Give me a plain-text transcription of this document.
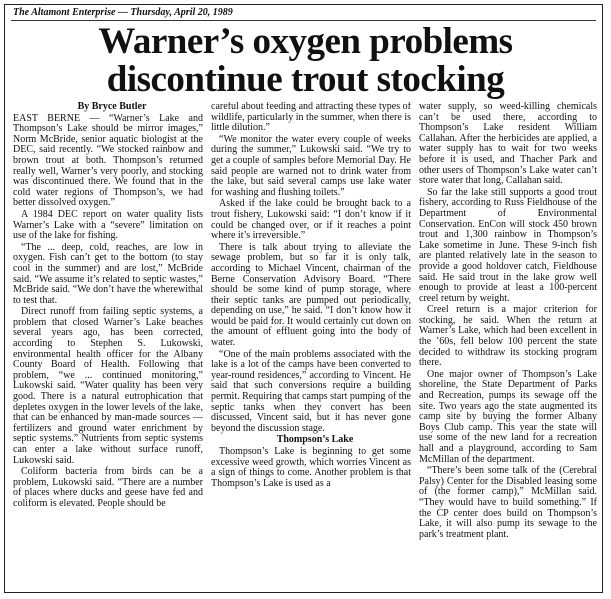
The Altamont Enterprise — Thursday, April 20, 1989
Warner’s oxygen problems discontinue trout stocking

By Bryce Butler

EAST BERNE — “Warner’s Lake and Thompson’s Lake should be mirror images,” Norm McBride, senior aquatic biologist at the DEC, said recently. “We stocked rainbow and brown trout at both. Thompson’s returned really well, Warner’s very poorly, and stocking was discontinued there. We found that in the cold water regions of Thompson’s, we had better dissolved oxygen.”

A 1984 DEC report on water quality lists Warner’s Lake with a “severe” limitation on use of the lake for fishing.

“The ... deep, cold, reaches, are low in oxygen. Fish can’t get to the bottom (to stay cool in the summer) and are lost,” McBride said. “We assume it’s related to septic wastes,” McBride said. “We don’t have the wherewithal to test that.

Direct runoff from failing septic systems, a problem that closed Warner’s Lake beaches several years ago, has been corrected, according to Stephen S. Lukowski, environmental health officer for the Albany County Board of Health. Following that problem, “we ... continued monitoring,” Lukowski said. “Water quality has been very good. There is a natural eutrophication that depletes oxygen in the lower levels of the lake, that can be enhanced by man-made sources — fertilizers and ground water enrichment by septic systems.” Nutrients from septic systems can enter a lake without surface runoff, Lukowski said.

Coliform bacteria from birds can be a problem, Lukowski said. “There are a number of places where ducks and geese have fed and coliform is elevated. People should be

careful about feeding and attracting these types of wildlife, particularly in the summer, when there is little dilution.”

“We monitor the water every couple of weeks during the summer,” Lukowski said. “We try to get a couple of samples before Memorial Day. He said people are warned not to drink water from the lake, but said several camps use lake water for washing and flushing toilets.”

Asked if the lake could be brought back to a trout fishery, Lukowski said: “I don’t know if it could be changed over, or if it reaches a point where it’s irreversible.”

There is talk about trying to alleviate the sewage problem, but so far it is only talk, according to Michael Vincent, chairman of the Berne Conservation Advisory Board. “There should be some kind of pump storage, where their septic tanks are pumped out periodically, depending on use,” he said. “I don’t know how it would be paid for. It would certainly cut down on the amount of effluent going into the body of water.

“One of the main problems associated with the lake is a lot of the camps have been converted to year-round residences,” according to Vincent. He said that such conversions require a building permit. Requiring that camps start pumping of the septic tanks when they convert has been discussed, Vincent said, but it has never gone beyond the discussion stage.

Thompson’s Lake

Thompson’s Lake is beginning to get some excessive weed growth, which worries Vincent as a sign of things to come. Another problem is that Thompson’s Lake is used as a

water supply, so weed-killing chemicals can’t be used there, according to Thompson’s Lake resident William Callahan. After the herbicides are applied, a water supply has to wait for two weeks before it is used, and Thacher Park and other users of Thompson’s Lake water can’t store water that long, Callahan said.

So far the lake still supports a good trout fishery, according to Russ Fieldhouse of the Department of Environmental Conservation. EnCon will stock 450 brown trout and 1,300 rainbow in Thompson’s Lake sometime in June. These 9-inch fish are planted relatively late in the season to provide a good holdover catch, Fieldhouse said. He said trout in the lake grow well enough to provide at least a 100-percent creel return by weight.

Creel return is a major criterion for stocking, he said. When the return at Warner’s Lake, which had been excellent in the ’60s, fell below 100 percent the state decided to withdraw its stocking program there.

One major owner of Thompson’s Lake shoreline, the State Department of Parks and Recreation, pumps its sewage off the site. Two years ago the state augmented its camp site by buying the former Albany Boys Club camp. This year the state will use some of the new land for a recreation hall and a playground, according to Sam McMillan of the department.

“There’s been some talk of the (Cerebral Palsy) Center for the Disabled leasing some of (the former camp),” McMillan said. “They would have to build something.” If the CP center does build on Thompson’s Lake, it will also pump its sewage to the park’s treatment plant.
